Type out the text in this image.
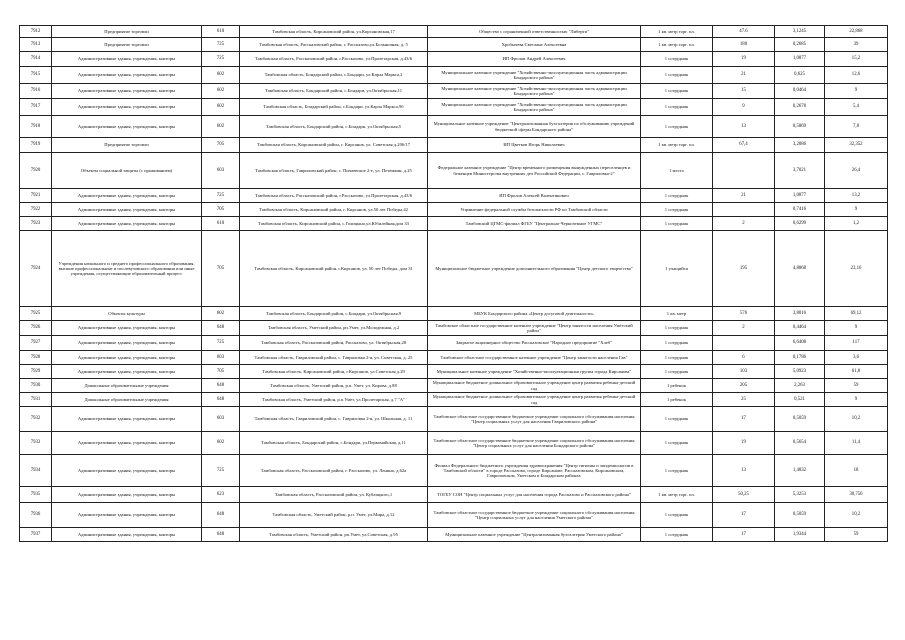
7912	Предприятие торговли	610	Тамбовская область, Кирсановский район, ул.Кирсановская,17	Общество с ограниченной ответственностью "Либерти"	1 кв. метр торг. пл.	47.6	3,1245	22,868
7913	Предприятие торговли	725	Тамбовская область, Рассказовский район, г. Рассказово,ул.Больничная, д. 5	Хробычева Светлана Алексеевна	1 кв. метр торг. пл.	180	0,2685	39
7914	Административные здания, учреждения, конторы	725	Тамбовская область, Рассказовский район, г.Рассказово, ул.Пролетарская, д.43/6	ИП Фролов Андрей Алексеевич	1 сотрудник	19	1,0877	15,2
7915	Административные здания, учреждения, конторы	602	Тамбовская область, Бондарский район, с.Бондари, ул.Карла Маркса,2	Муниципальное казенное учреждение "Хозяйственно-эксплуатационная часть администрации Бондарского района"	1 сотрудник	21	0,625	12,6
7916	Административные здания, учреждения, конторы	602	Тамбовская область, Бондарский район, с.Бондари, ул.Октябрьская,11	Муниципальное казенное учреждение "Хозяйственно-эксплуатационная часть администрации Бондарского района"	1 сотрудник	15	0,0464	9
7917	Административные здания, учреждения, конторы	602	Тамбовская область, Бондарский район, с.Бондари, ул.Карла Маркса,9б	Муниципальное казенное учреждение "Хозяйственно-эксплуатационная часть администрации Бондарского района"	1 сотрудник	9	0,2678	5,4
7918	Административные здания, учреждения, конторы	602	Тамбовская область, Бондарский район, с.Бондари, ул.Октябрьская,5	Муниципальное казенное учреждение "Централизованная бухгалтерия по обслуживанию учреждений бюджетной сферы Бондарского района"	1 сотрудник	13	0,5869	7,8
7919	Предприятие торговли	705	Тамбовская область, Кирсановский район, г. Кирсанов, ул. Советская д.206/17	ИП Цветков Игорь Николаевич	1 кв. метр торг. пл.	67,4	3,2086	32,352
7920	Объекты социальной защиты (с проживанием)	603	Тамбовская область, Гавриловский район, с. Пичаевское 2-е, ул. Потемкин, д.25	Федеральное казенное учреждение "Центр временного размещения вынужденных переселенцев и беженцев Министерства внутренних дел Российской Федерации, с. Гавриловка-2"	1 место		3,7021	26,4
7921	Административные здания, учреждения, конторы	725	Тамбовская область, Рассказовский район, г.Рассказово, ул.Пролетарская, д.43/6	ИП Фролов Алексей Валентинович	1 сотрудник	21	1,0877	13,2
7922	Административные здания, учреждения, конторы	705	Тамбовская область, Кирсановский район, г. Кирсанов, ул.50 лет Победы,42	Управление федеральной службы безопасности РФ по Тамбовской области	1 сотрудник		0,7416	9
7923	Административные здания, учреждения, конторы	610	Тамбовская область, Кирсановский район, с.Голицыно,ул.Юбилейная,дом 33	Тамбовский ЦГМС-филиал ФГБУ "Центрально-Черноземное УГМС"	1 сотрудник	2	0,6299	1,2
7924	Учреждения начального и среднего профессионального образования, высшие профессиональные и послевузовского образования или иные учреждения, осуществляющие образовательный процесс	705	Тамбовская область, Кирсановский район, г.Кирсанов, ул. 50 лет Победы, дом 31	Муниципальное бюджетное учреждение дополнительного образования "Центр детского творчества"	1 учащийся	195	4,8868	23,16
7925	Объекты культуры	602	Тамбовская область, Бондарский район, с.Бондари, ул.Октябрьская,9	МБУК Бондарского района «Центр досуговой деятельности»	1 кв. метр	576	3,8016	69,12
7926	Административные здания, учреждения, конторы	648	Тамбовская область, Уметский район, рп.Умет, ул.Молодежная, д.2	Тамбовское областное государственное казенное учреждение "Центр занятости населения Умётский район"	1 сотрудник	2	0,4464	9
7927	Административные здания, учреждения, конторы	725	Тамбовская область, Рассказовский район, Рассказово, ул. Октябрьская,28	Закрытое акционерное общество Рассказовское "Народное предприятие "Хлеб"	1 сотрудник		6,6408	117
7928	Административные здания, учреждения, конторы	603	Тамбовская область, Гавриловский район, с. Гавриловка 2-я, ул. Советская, д. 25	Тамбовское областное государственное казенное учреждение "Центр занятости населения Гав"	1 сотрудник	6	0,1786	3,6
7929	Административные здания, учреждения, конторы	705	Тамбовская область, Кирсановский район, г.Кирсанов, ул.Советская д.29	Муниципальное казенное учреждение "Хозяйственно-эксплуатационная группа города Кирсанова"	1 сотрудник	103	5,0923	61,8
7930	Дошкольные образовательные учреждения	648	Тамбовская область, Уметский район, р.п. Умет, ул. Кирова, д.88	Муниципальное бюджетное дошкольное образовательное учреждение центр развития ребенка-детский сад	1 ребенок	205	2,263	59
7931	Дошкольные образовательные учреждения	648	Тамбовская область, Уметский район, р.п.Умет, ул.Пролетарская, д.7 "А"	Муниципальное бюджетное дошкольное образовательное учреждение центр развития ребенка-детский сад	1 ребенок	25	0,521	9
7932	Административные здания, учреждения, конторы	603	Тамбовская область, Гавриловский район, с. Гавриловка 2-я, ул. Школьная, д. 11	Тамбовское областное государственное бюджетное учреждение социального обслуживания населения "Центр социальных услуг для населения Гавриловского района"	1 сотрудник	17	0,5059	10,2
7933	Административные здания, учреждения, конторы	602	Тамбовская область, Бондарский район, с.Бондари, ул.Первомайская, д.11	Тамбовское областное государственное бюджетное учреждение социального обслуживания населения "Центр социальных услуг для населения Бондарского района"	1 сотрудник	19	0,5654	11,4
7934	Административные здания, учреждения, конторы	725	Тамбовская область, Рассказовский район, г. Рассказово, ул. Ленина, д.62а	Филиал Федерального бюджетного учреждения здравоохранения "Центр гигиены и эпидемиологии в Тамбовской области" в городе Рассказово, городе Кирсанове, Рассказовском, Кирсановском, Гавриловском, Уметском и Бондарском районах	1 сотрудник	13	1,4832	18
7935	Административные здания, учреждения, конторы	623	Тамбовская область, Рассказовский район, ул. Кублицкого,1	ТОГБУ СОН "Центр социальных услуг для населения города Рассказово и Рассказовского района"	1 кв. метр торг. пл.	50,25	5,3253	30,756
7936	Административные здания, учреждения, конторы	648	Тамбовская область, Уметский район, р.п. Умет, ул.Мира, д.12	Тамбовское областное государственное бюджетное учреждение социального обслуживания населения "Центр социальных услуг для населения Уметского района"	1 сотрудник	17	0,5059	10,2
7937	Административные здания, учреждения, конторы	648	Тамбовская область, Уметский район, рп.Умет, ул.Советская, д.95	Муниципальное казенное учреждение "Централизованная бухгалтерия Уметского района"	1 сотрудник	17	1,9344	59
